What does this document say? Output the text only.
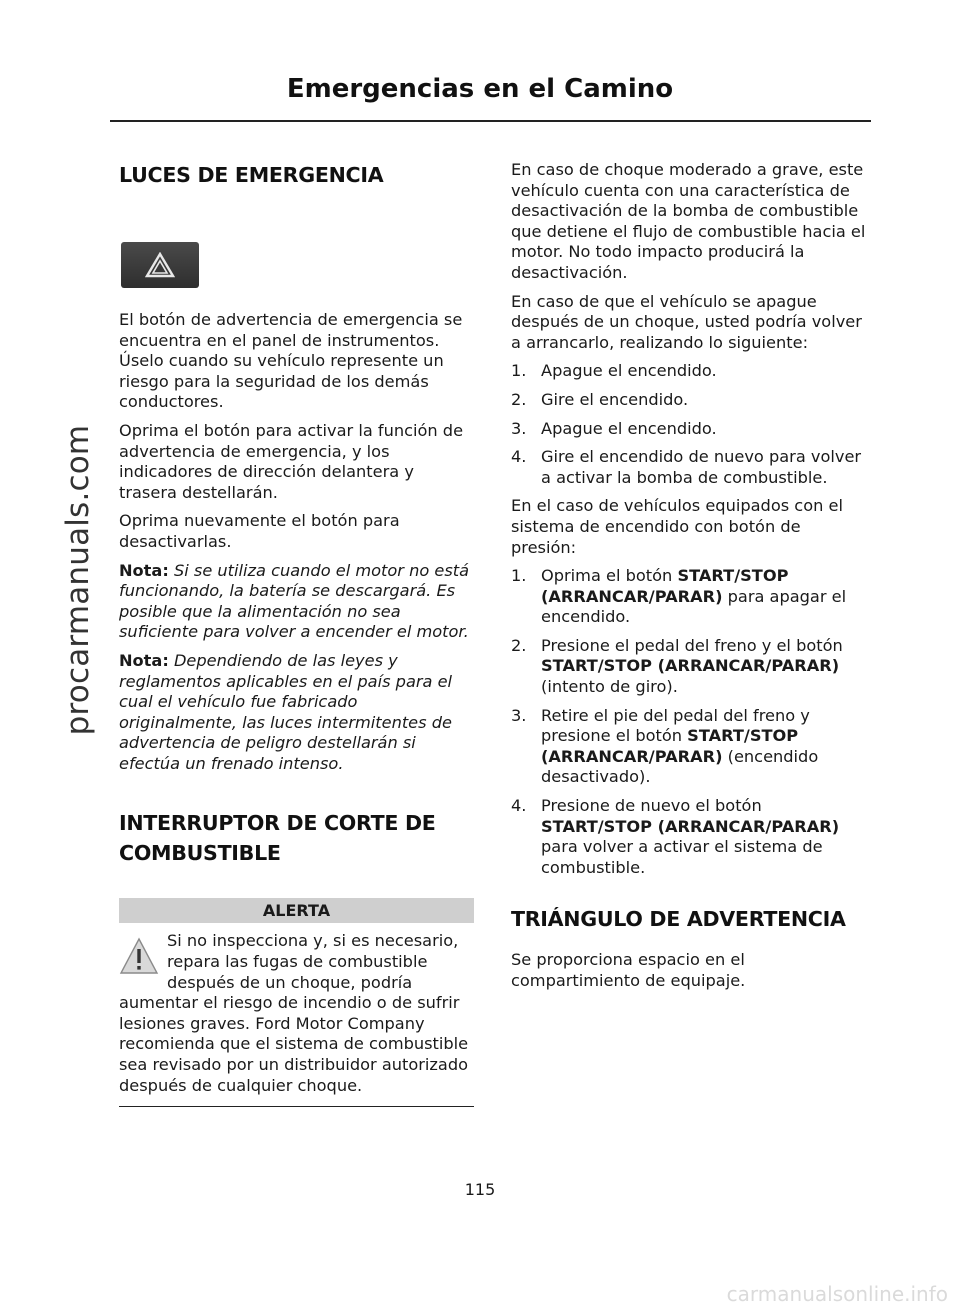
procarmanuals.com
Emergencias en el Camino
LUCES DE EMERGENCIA

El botón de advertencia de emergencia se encuentra en el panel de instrumentos. Úselo cuando su vehículo represente un riesgo para la seguridad de los demás conductores.

Oprima el botón para activar la función de advertencia de emergencia, y los indicadores de dirección delantera y trasera destellarán.

Oprima nuevamente el botón para desactivarlas.

Nota: Si se utiliza cuando el motor no está funcionando, la batería se descargará. Es posible que la alimentación no sea suficiente para volver a encender el motor.

Nota: Dependiendo de las leyes y reglamentos aplicables en el país para el cual el vehículo fue fabricado originalmente, las luces intermitentes de advertencia de peligro destellarán si efectúa un frenado intenso.

INTERRUPTOR DE CORTE DE
COMBUSTIBLE
ALERTA

Si no inspecciona y, si es necesario, repara las fugas de combustible después de un choque, podría aumentar el riesgo de incendio o de sufrir lesiones graves. Ford Motor Company recomienda que el sistema de combustible sea revisado por un distribuidor autorizado después de cualquier choque.

En caso de choque moderado a grave, este vehículo cuenta con una característica de desactivación de la bomba de combustible que detiene el flujo de combustible hacia el motor. No todo impacto producirá la desactivación.

En caso de que el vehículo se apague después de un choque, usted podría volver a arrancarlo, realizando lo siguiente:

1. Apague el encendido.
2. Gire el encendido.
3. Apague el encendido.
4. Gire el encendido de nuevo para volver a activar la bomba de combustible.

En el caso de vehículos equipados con el sistema de encendido con botón de presión:

1. Oprima el botón START/STOP (ARRANCAR/PARAR) para apagar el encendido.
2. Presione el pedal del freno y el botón START/STOP (ARRANCAR/PARAR) (intento de giro).
3. Retire el pie del pedal del freno y presione el botón START/STOP (ARRANCAR/PARAR) (encendido desactivado).
4. Presione de nuevo el botón START/STOP (ARRANCAR/PARAR) para volver a activar el sistema de combustible.
TRIÁNGULO DE ADVERTENCIA

Se proporciona espacio en el compartimiento de equipaje.

115
carmanualsonline.info
